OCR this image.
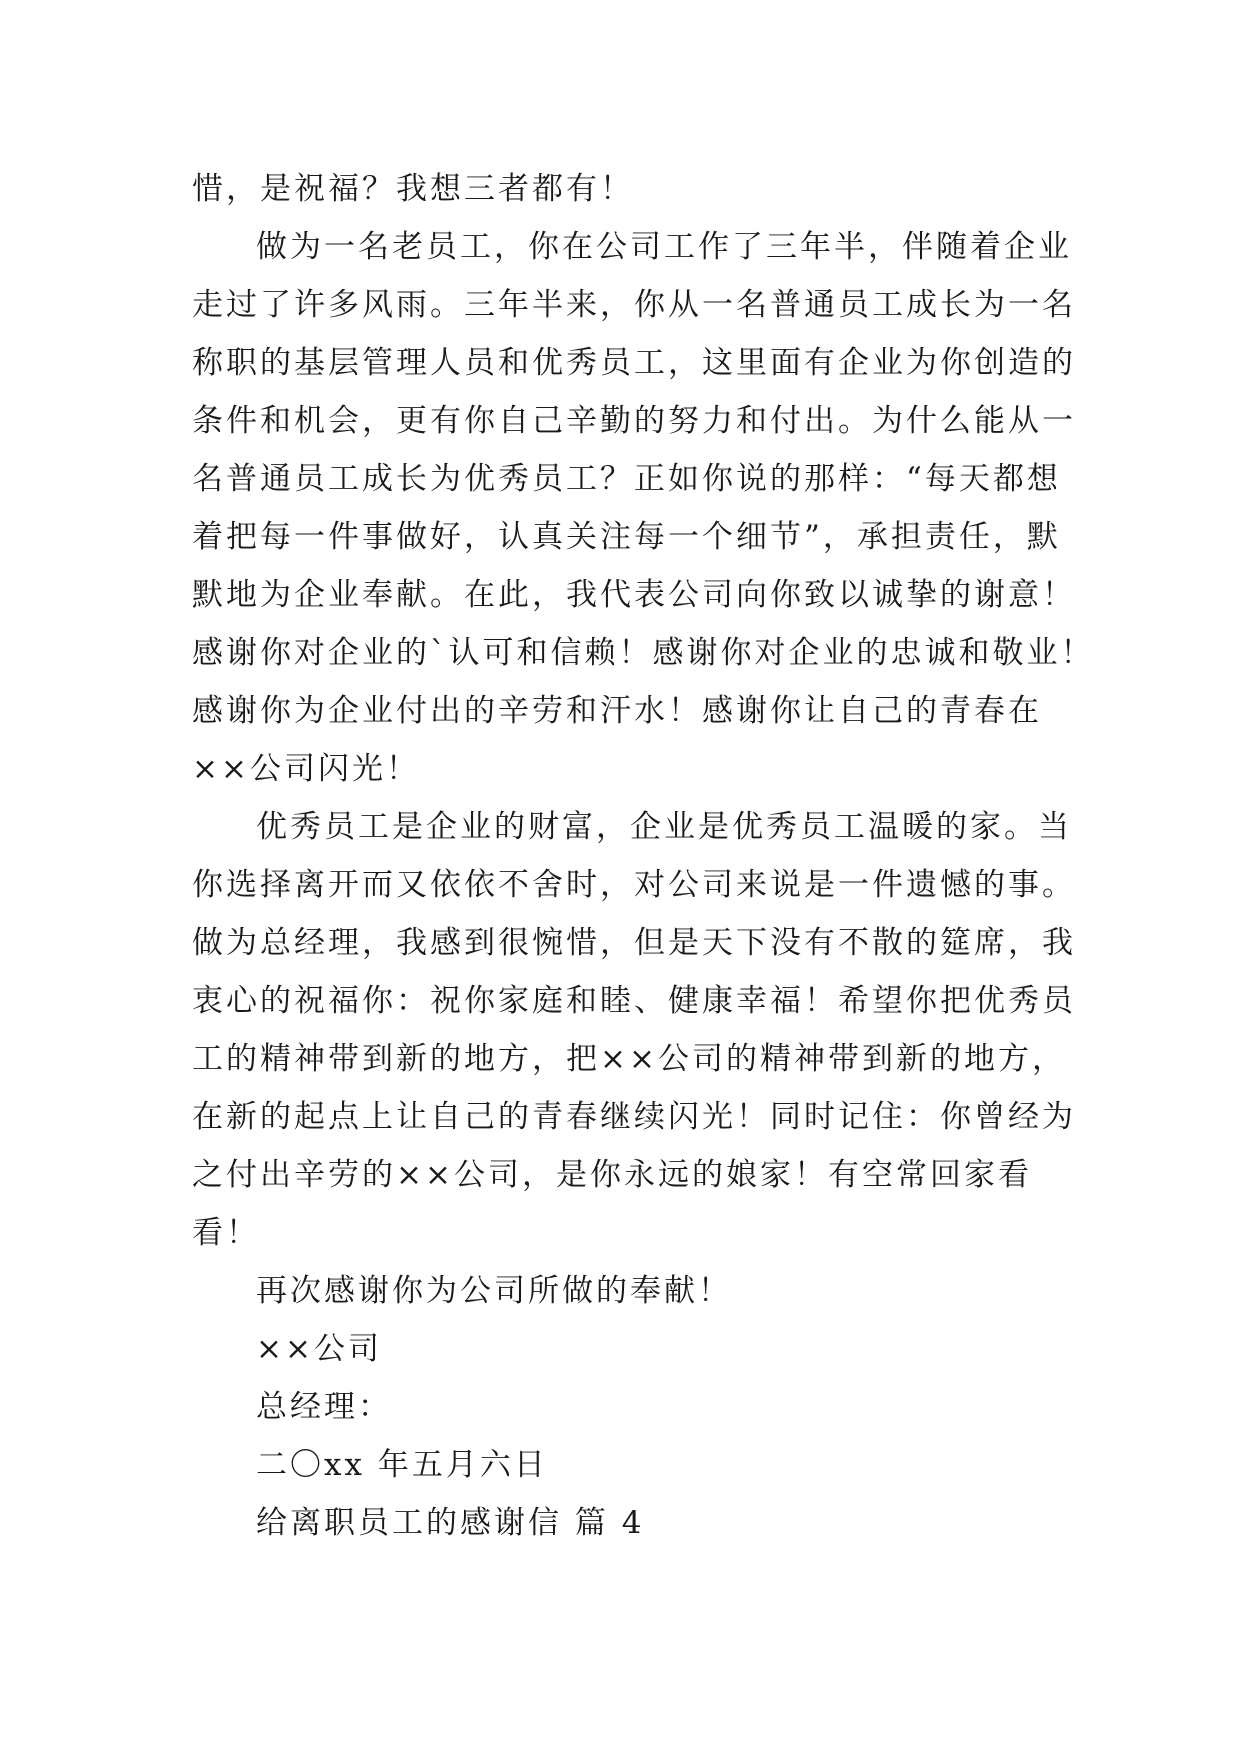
惜，是祝福？我想三者都有！
做为一名老员工，你在公司工作了三年半，伴随着企业
走过了许多风雨。三年半来，你从一名普通员工成长为一名
称职的基层管理人员和优秀员工，这里面有企业为你创造的
条件和机会，更有你自己辛勤的努力和付出。为什么能从一
名普通员工成长为优秀员工？正如你说的那样：“每天都想
着把每一件事做好，认真关注每一个细节”，承担责任，默
默地为企业奉献。在此，我代表公司向你致以诚挚的谢意！
感谢你对企业的`认可和信赖！感谢你对企业的忠诚和敬业！
感谢你为企业付出的辛劳和汗水！感谢你让自己的青春在
××公司闪光！
优秀员工是企业的财富，企业是优秀员工温暖的家。当
你选择离开而又依依不舍时，对公司来说是一件遗憾的事。
做为总经理，我感到很惋惜，但是天下没有不散的筵席，我
衷心的祝福你：祝你家庭和睦、健康幸福！希望你把优秀员
工的精神带到新的地方，把××公司的精神带到新的地方，
在新的起点上让自己的青春继续闪光！同时记住：你曾经为
之付出辛劳的××公司，是你永远的娘家！有空常回家看
看！
再次感谢你为公司所做的奉献！
××公司
总经理：
二〇xx 年五月六日
给离职员工的感谢信 篇 4
